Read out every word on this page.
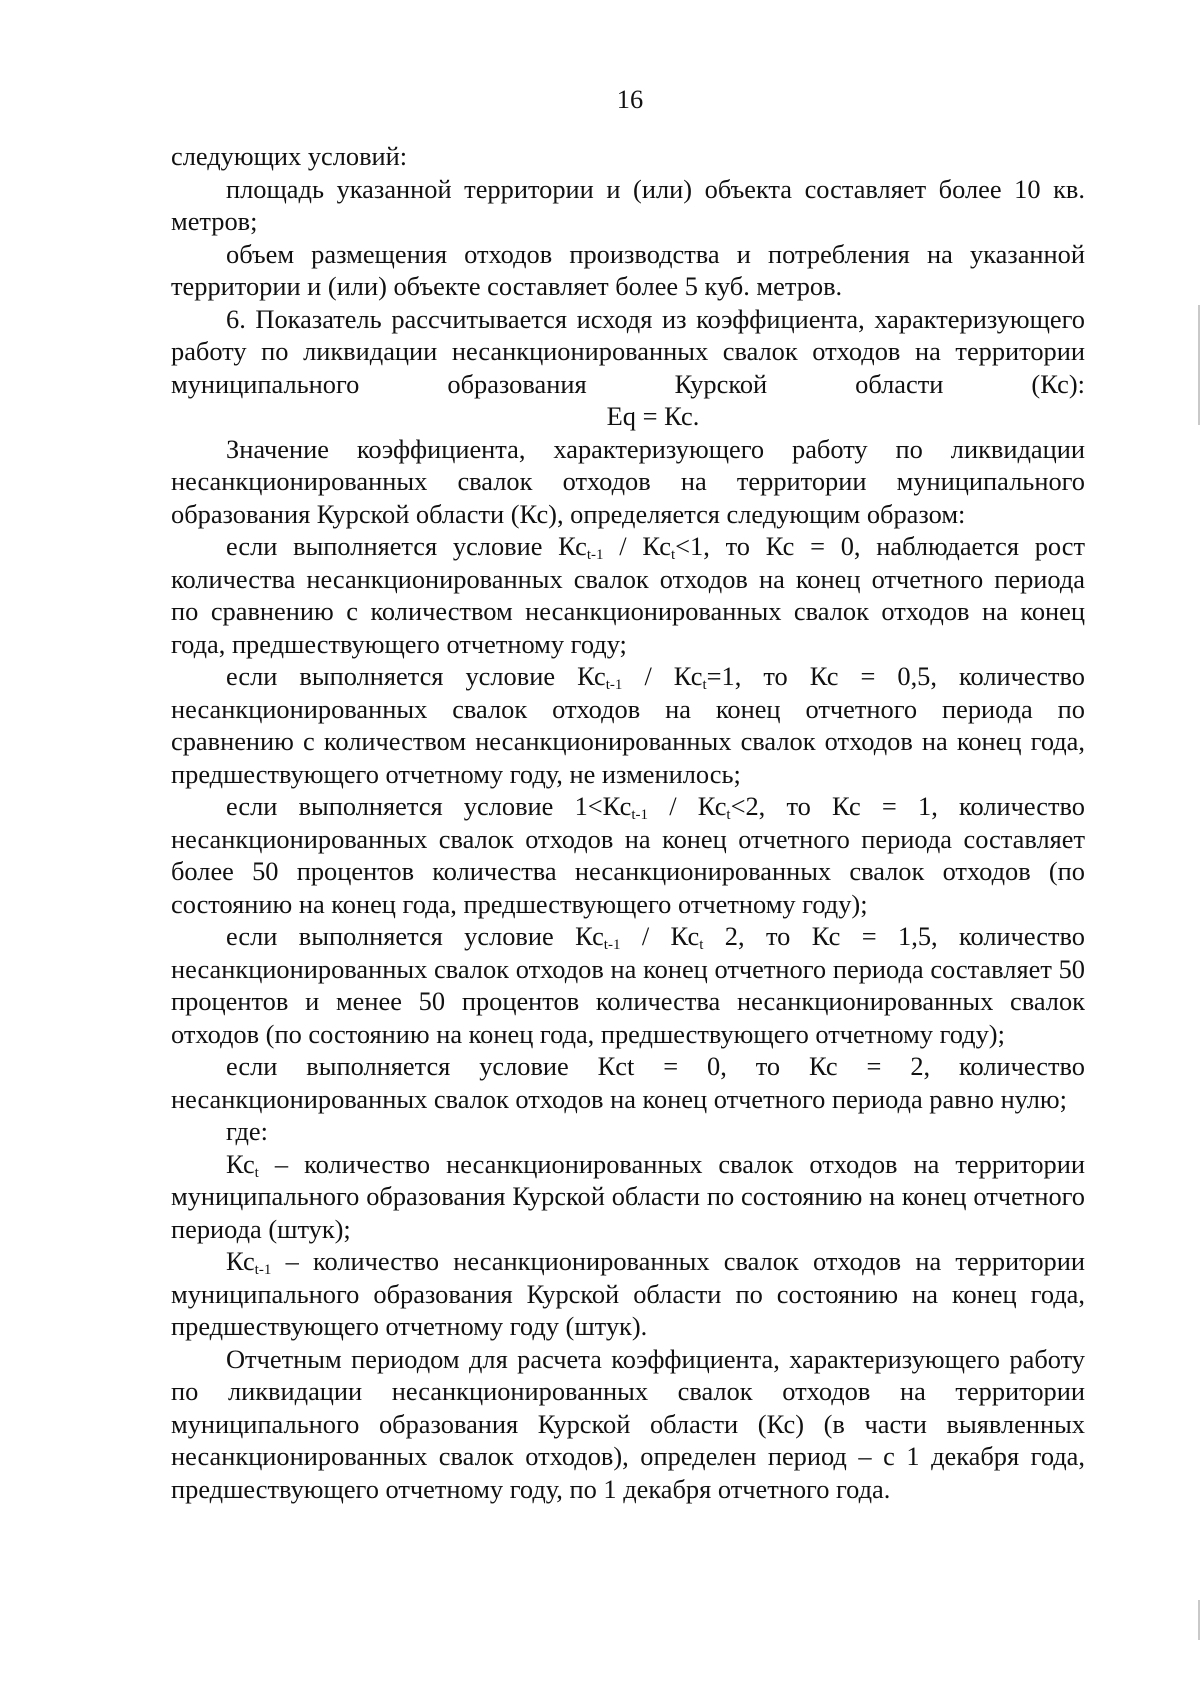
16

следующих условий:

площадь указанной территории и (или) объекта составляет более 10 кв. метров;

объем размещения отходов производства и потребления на указанной территории и (или) объекте составляет более 5 куб. метров.

6. Показатель рассчитывается исходя из коэффициента, характеризующего работу по ликвидации несанкционированных свалок отходов на территории муниципального образования Курской области (Кс):

Eq = Кс.

Значение коэффициента, характеризующего работу по ликвидации несанкционированных свалок отходов на территории муниципального образования Курской области (Кс), определяется следующим образом:

если выполняется условие $Кс_{t-1} / Кс_t<1$, то Кс = 0, наблюдается рост количества несанкционированных свалок отходов на конец отчетного периода по сравнению с количеством несанкционированных свалок отходов на конец года, предшествующего отчетному году;

если выполняется условие $Кс_{t-1} / Кс_t=1$, то Кс = 0,5, количество несанкционированных свалок отходов на конец отчетного периода по сравнению с количеством несанкционированных свалок отходов на конец года, предшествующего отчетному году, не изменилось;

если выполняется условие $1<Кс_{t-1} / Кс_t<2$, то Кс = 1, количество несанкционированных свалок отходов на конец отчетного периода составляет более 50 процентов количества несанкционированных свалок отходов (по состоянию на конец года, предшествующего отчетному году);

если выполняется условие $Кс_{t-1} / Кс_t$ 2, то Кс = 1,5, количество несанкционированных свалок отходов на конец отчетного периода составляет 50 процентов и менее 50 процентов количества несанкционированных свалок отходов (по состоянию на конец года, предшествующего отчетному году);

если выполняется условие Кct = 0, то Кс = 2, количество несанкционированных свалок отходов на конец отчетного периода равно нулю;

где:

$Кс_t$ – количество несанкционированных свалок отходов на территории муниципального образования Курской области по состоянию на конец отчетного периода (штук);

$Кс_{t-1}$ – количество несанкционированных свалок отходов на территории муниципального образования Курской области по состоянию на конец года, предшествующего отчетному году (штук).

Отчетным периодом для расчета коэффициента, характеризующего работу по ликвидации несанкционированных свалок отходов на территории муниципального образования Курской области (Кс) (в части выявленных несанкционированных свалок отходов), определен период – с 1 декабря года, предшествующего отчетному году, по 1 декабря отчетного года.
